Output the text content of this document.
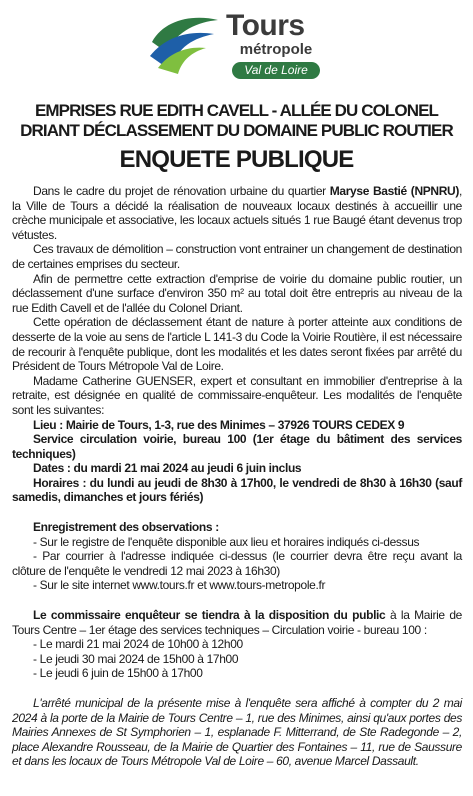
Tours
métropole
Val de Loire
EMPRISES RUE EDITH CAVELL - ALLÉE DU COLONEL
DRIANT DÉCLASSEMENT DU DOMAINE PUBLIC ROUTIER
ENQUETE PUBLIQUE

Dans le cadre du projet de rénovation urbaine du quartier Maryse Bastié (NPNRU), la Ville de Tours a décidé la réalisation de nouveaux locaux destinés à accueillir une crèche municipale et associative, les locaux actuels situés 1 rue Baugé étant devenus trop vétustes.

Ces travaux de démolition – construction vont entrainer un changement de destination de certaines emprises du secteur.

Afin de permettre cette extraction d'emprise de voirie du domaine public routier, un déclassement d'une surface d'environ 350 m² au total doit être entrepris au niveau de la rue Edith Cavell et de l'allée du Colonel Driant.

Cette opération de déclassement étant de nature à porter atteinte aux conditions de desserte de la voie au sens de l'article L 141-3 du Code la Voirie Routière, il est nécessaire de recourir à l'enquête publique, dont les modalités et les dates seront fixées par arrêté du Président de Tours Métropole Val de Loire.

Madame Catherine GUENSER, expert et consultant en immobilier d'entreprise à la retraite, est désignée en qualité de commissaire-enquêteur. Les modalités de l'enquête sont les suivantes:

Lieu : Mairie de Tours, 1-3, rue des Minimes – 37926 TOURS CEDEX 9

Service circulation voirie, bureau 100 (1er étage du bâtiment des services techniques)

Dates : du mardi 21 mai 2024 au jeudi 6 juin inclus

Horaires : du lundi au jeudi de 8h30 à 17h00, le vendredi de 8h30 à 16h30 (sauf samedis, dimanches et jours fériés)

Enregistrement des observations :

- Sur le registre de l'enquête disponible aux lieu et horaires indiqués ci-dessus

- Par courrier à l'adresse indiquée ci-dessus (le courrier devra être reçu avant la clôture de l'enquête le vendredi 12 mai 2023 à 16h30)

- Sur le site internet www.tours.fr et www.tours-metropole.fr

Le commissaire enquêteur se tiendra à la disposition du public à la Mairie de Tours Centre – 1er étage des services techniques – Circulation voirie - bureau 100 :

- Le mardi 21 mai 2024 de 10h00 à 12h00

- Le jeudi 30 mai 2024 de 15h00 à 17h00

- Le jeudi 6 juin de 15h00 à 17h00

L'arrêté municipal de la présente mise à l'enquête sera affiché à compter du 2 mai 2024 à la porte de la Mairie de Tours Centre – 1, rue des Minimes, ainsi qu'aux portes des Mairies Annexes de St Symphorien – 1, esplanade F. Mitterrand, de Ste Radegonde – 2, place Alexandre Rousseau, de la Mairie de Quartier des Fontaines – 11, rue de Saussure et dans les locaux de Tours Métropole Val de Loire – 60, avenue Marcel Dassault.
